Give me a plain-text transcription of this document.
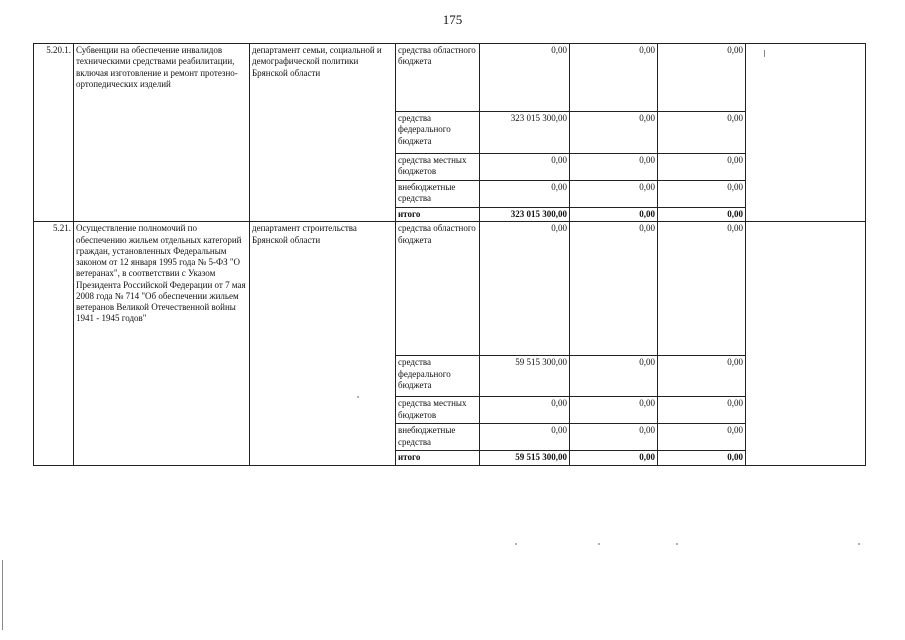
175
5.20.1.	Субвенции на обеспечение инвалидов техническими средствами реабилитации, включая изготовление и ремонт протезно-ортопедических изделий	департамент семьи, социальной и демографической политики Брянской области	средства областного бюджета	0,00	0,00	0,00	
			средства федерального бюджета	323 015 300,00	0,00	0,00	
			средства местных бюджетов	0,00	0,00	0,00	
			внебюджетные средства	0,00	0,00	0,00	
			итого	323 015 300,00	0,00	0,00	
5.21.	Осуществление полномочий по обеспечению жильем отдельных категорий граждан, установленных Федеральным законом от 12 января 1995 года № 5-ФЗ "О ветеранах", в соответствии с Указом Президента Российской Федерации от 7 мая 2008 года № 714 "Об обеспечении жильем ветеранов Великой Отечественной войны 1941 - 1945 годов"	департамент строительства Брянской области	средства областного бюджета	0,00	0,00	0,00	
			средства федерального бюджета	59 515 300,00	0,00	0,00	
			средства местных бюджетов	0,00	0,00	0,00	
			внебюджетные средства	0,00	0,00	0,00	
			итого	59 515 300,00	0,00	0,00	
